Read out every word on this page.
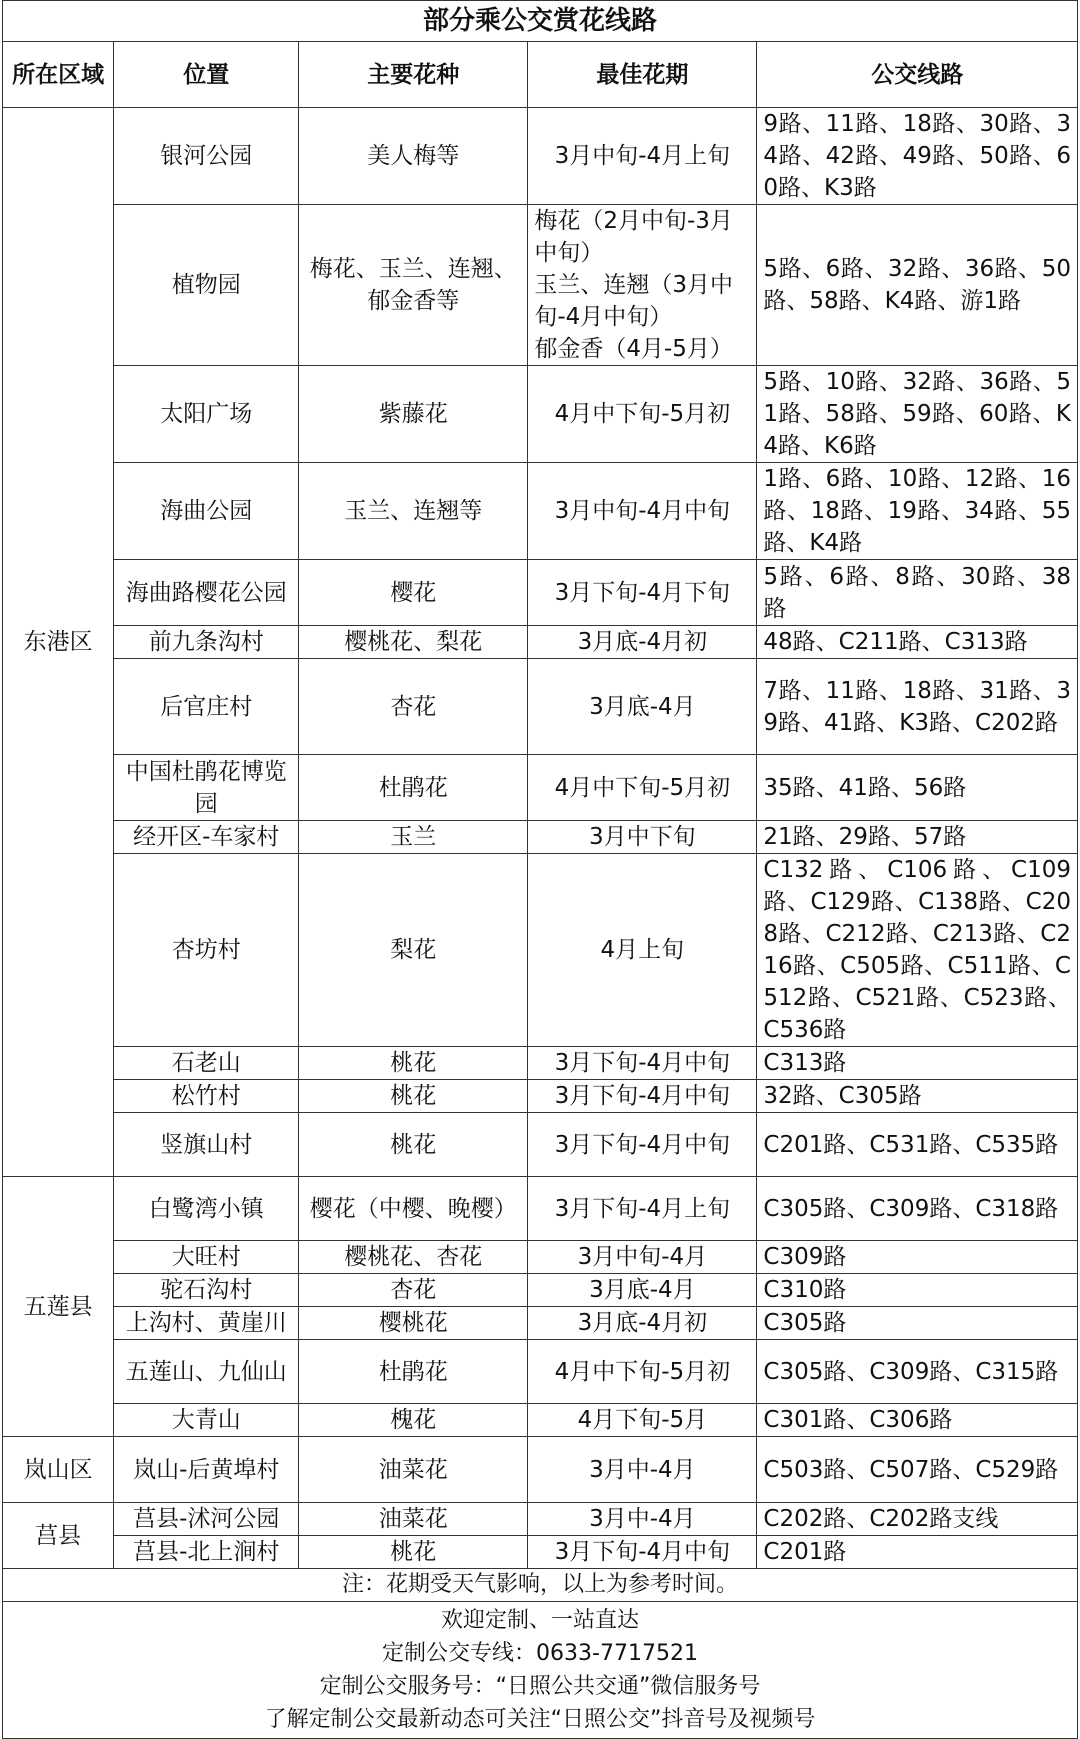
部分乘公交赏花线路				
所在区域	位置	主要花种	最佳花期	公交线路
东港区	银河公园	美人梅等	3月中旬-4月上旬	9路、11路、18路、30路、34路、42路、49路、50路、60路、K3路
	植物园	梅花、玉兰、连翘、郁金香等	梅花（2月中旬-3月中旬）
玉兰、连翘（3月中旬-4月中旬）
郁金香（4月-5月）	5路、6路、32路、36路、50路、58路、K4路、游1路
	太阳广场	紫藤花	4月中下旬-5月初	5路、10路、32路、36路、51路、58路、59路、60路、K4路、K6路
	海曲公园	玉兰、连翘等	3月中旬-4月中旬	1路、6路、10路、12路、16路、18路、19路、34路、55路、K4路
	海曲路樱花公园	樱花	3月下旬-4月下旬	5路、6路、8路、30路、38路
	前九条沟村	樱桃花、梨花	3月底-4月初	48路、C211路、C313路
	后官庄村	杏花	3月底-4月	7路、11路、18路、31路、39路、41路、K3路、C202路
	中国杜鹃花博览园	杜鹃花	4月中下旬-5月初	35路、41路、56路
	经开区-车家村	玉兰	3月中下旬	21路、29路、57路
	杏坊村	梨花	4月上旬	C132路、C106路、C109路、C129路、C138路、C208路、C212路、C213路、C216路、C505路、C511路、C512路、C521路、C523路、C536路
	石老山	桃花	3月下旬-4月中旬	C313路
	松竹村	桃花	3月下旬-4月中旬	32路、C305路
	竖旗山村	桃花	3月下旬-4月中旬	C201路、C531路、C535路
五莲县	白鹭湾小镇	樱花（中樱、晚樱）	3月下旬-4月上旬	C305路、C309路、C318路
	大旺村	樱桃花、杏花	3月中旬-4月	C309路
	驼石沟村	杏花	3月底-4月	C310路
	上沟村、黄崖川	樱桃花	3月底-4月初	C305路
	五莲山、九仙山	杜鹃花	4月中下旬-5月初	C305路、C309路、C315路
	大青山	槐花	4月下旬-5月	C301路、C306路
岚山区	岚山-后黄埠村	油菜花	3月中-4月	C503路、C507路、C529路
莒县	莒县-沭河公园	油菜花	3月中-4月	C202路、C202路支线
	莒县-北上涧村	桃花	3月下旬-4月中旬	C201路
注：花期受天气影响，以上为参考时间。				

欢迎定制、一站直达
定制公交专线：0633-7717521
定制公交服务号：“日照公共交通”微信服务号
了解定制公交最新动态可关注“日照公交”抖音号及视频号				
